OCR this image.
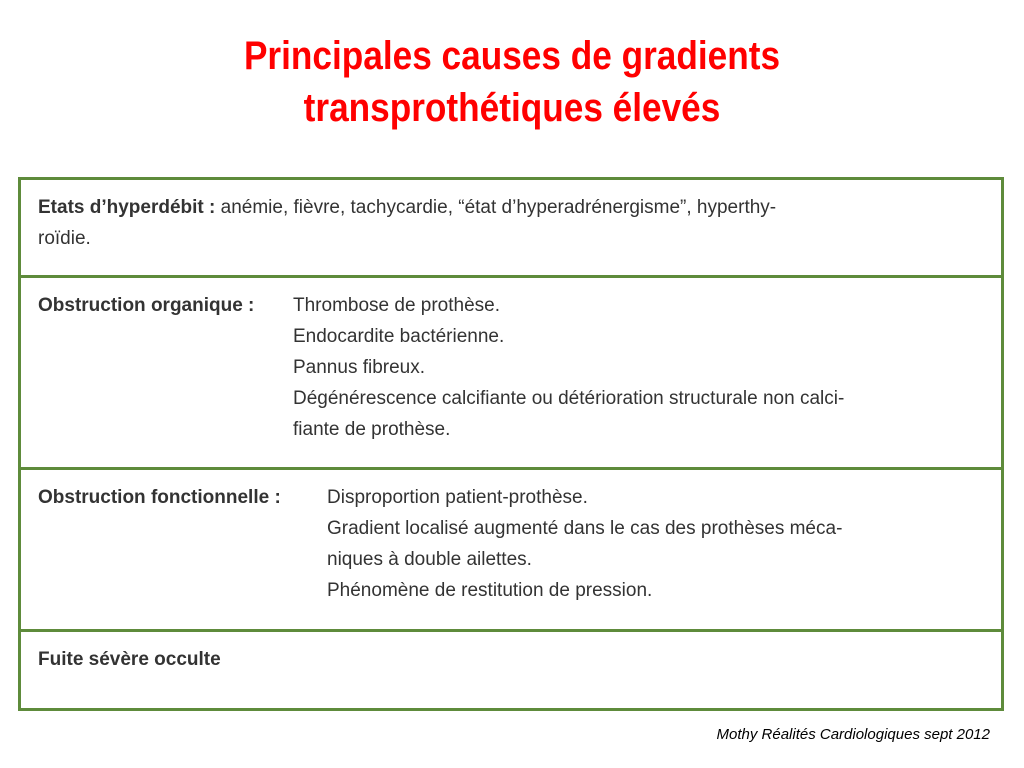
Principales causes de gradients
transprothétiques élevés
Etats d’hyperdébit : anémie, fièvre, tachycardie, “état d’hyperadrénergisme”, hyperthy-
roïdie.
Obstruction organique : Thrombose de prothèse.
Endocardite bactérienne.
Pannus fibreux.
Dégénérescence calcifiante ou détérioration structurale non calci-
fiante de prothèse.
Obstruction fonctionnelle : Disproportion patient-prothèse.
Gradient localisé augmenté dans le cas des prothèses méca-
niques à double ailettes.
Phénomène de restitution de pression.
Fuite sévère occulte
Mothy Réalités Cardiologiques sept 2012
